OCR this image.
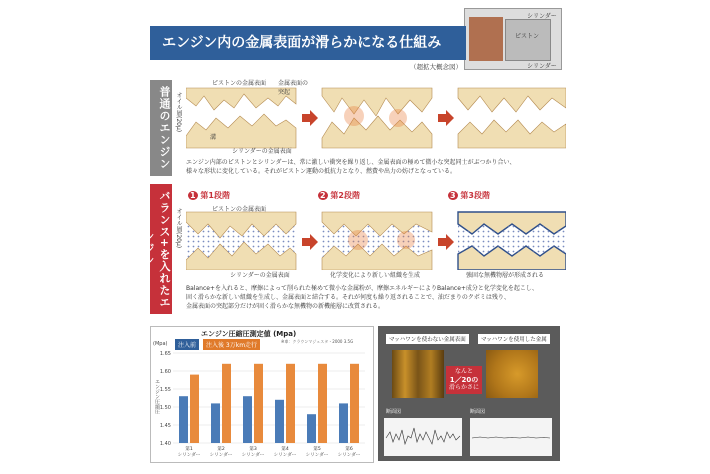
ピストン
シリンダー
シリンダー
エンジン内の金属表面が滑らかになる仕組み
（超拡大概念図）
普通のエンジン オイル層(20μ)
ピストンの金属表面 金属表面の突起
溝
シリンダーの金属表面
エンジン内部のピストンとシリンダーは、常に激しい衝突を繰り返し、金属表面の極めて微小な突起同士がぶつかり合い、
様々な形状に変化している。それがピストン運動の抵抗力となり、燃費や出力の妨げとなっている。
バランス+を入れたエンジン
オイル層(20μ)
1 第1段階	2 第2段階	3 第3段階
ピストンの金属表面
シリンダーの金属表面	化学変化により新しい組織を生成	強固な無機物層が形成される
Balance+を入れると、摩擦によって削られた極めて微小な金属粉が、摩擦エネルギーによりBalance+成分と化学変化を起こし、
固く滑らかな新しい組織を生成し、金属表面と結合する。それが何度も繰り返されることで、油だまりのクボミは残り、
金属表面の突起部分だけが固く滑らかな無機物の新機能層に改質される。
エンジン圧縮圧測定値 (Mpa)
※車：クラウンマジェスタ・2000 3.5G
(Mpa)
エンジン圧縮圧
注入前	注入後 3万km走行
1.65
1.60
1.55
1.50
1.45
1.40
第1
シリンダー
第2
シリンダー
第3
シリンダー
第4
シリンダー
第5
シリンダー
第6
シリンダー
マッハワンを使わない金属表面	マッハワンを使用した金属
なんと
1／20の
滑らかさに
断面図	断面図
